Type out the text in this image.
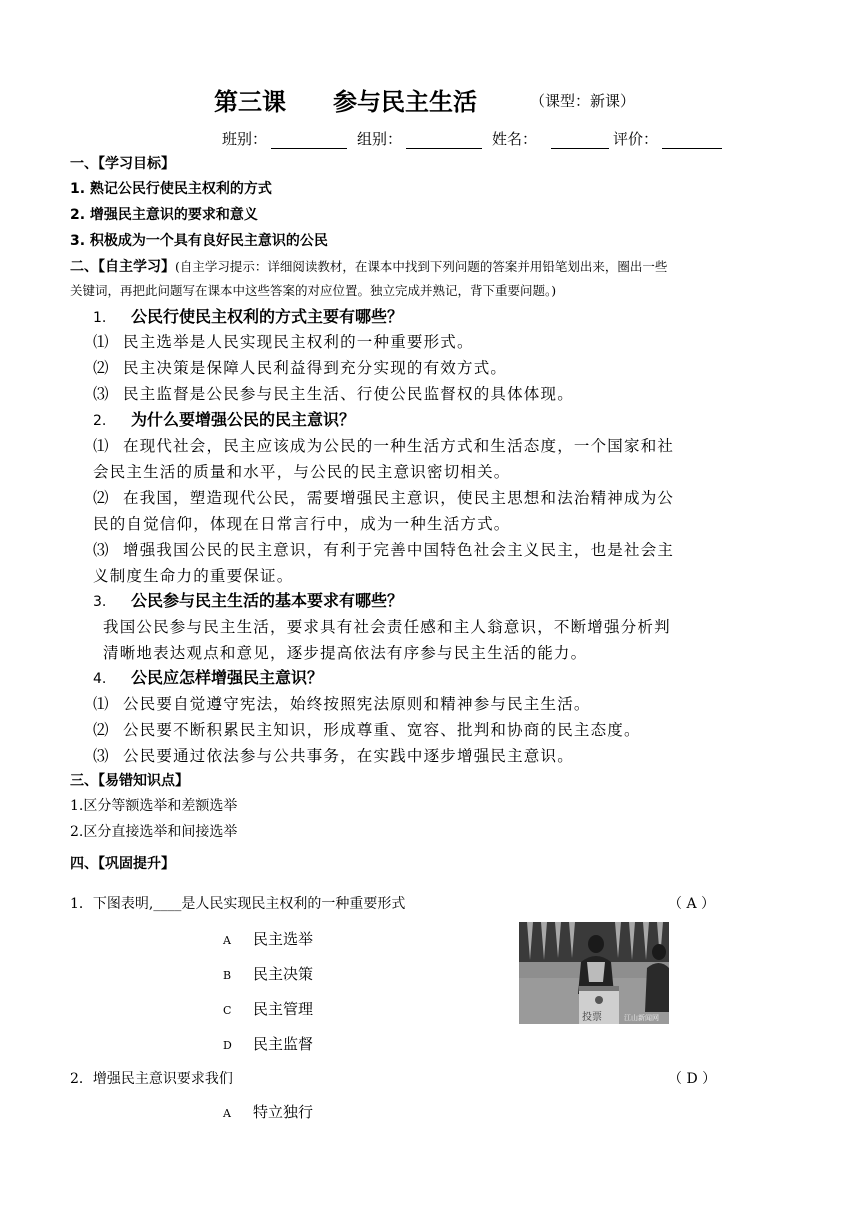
第三课 参与民主生活	（课型：新课）
班别：	组别：	姓名：	评价：
一、【学习目标】
1. 熟记公民行使民主权利的方式
2. 增强民主意识的要求和意义
3. 积极成为一个具有良好民主意识的公民
二、【自主学习】(自主学习提示：详细阅读教材，在课本中找到下列问题的答案并用铅笔划出来，圈出一些
关键词，再把此问题写在课本中这些答案的对应位置。独立完成并熟记，背下重要问题。)
1. 公民行使民主权利的方式主要有哪些？
⑴ 民主选举是人民实现民主权利的一种重要形式。
⑵ 民主决策是保障人民利益得到充分实现的有效方式。
⑶ 民主监督是公民参与民主生活、行使公民监督权的具体体现。
2. 为什么要增强公民的民主意识？
⑴ 在现代社会，民主应该成为公民的一种生活方式和生活态度，一个国家和社
会民主生活的质量和水平，与公民的民主意识密切相关。
⑵ 在我国，塑造现代公民，需要增强民主意识，使民主思想和法治精神成为公
民的自觉信仰，体现在日常言行中，成为一种生活方式。
⑶ 增强我国公民的民主意识，有利于完善中国特色社会主义民主，也是社会主
义制度生命力的重要保证。
3. 公民参与民主生活的基本要求有哪些？
我国公民参与民主生活，要求具有社会责任感和主人翁意识，不断增强分析判
清晰地表达观点和意见，逐步提高依法有序参与民主生活的能力。
4. 公民应怎样增强民主意识？
⑴ 公民要自觉遵守宪法，始终按照宪法原则和精神参与民主生活。
⑵ 公民要不断积累民主知识，形成尊重、宽容、批判和协商的民主态度。
⑶ 公民要通过依法参与公共事务，在实践中逐步增强民主意识。
三、【易错知识点】
1.区分等额选举和差额选举
2.区分直接选举和间接选举
四、【巩固提升】
1．下图表明,____是人民实现民主权利的一种重要形式	（ A ）
A 民主选举
B 民主决策
C 民主管理
D 民主监督
投票	江山新闻网
2．增强民主意识要求我们	（ D ）
A 特立独行
